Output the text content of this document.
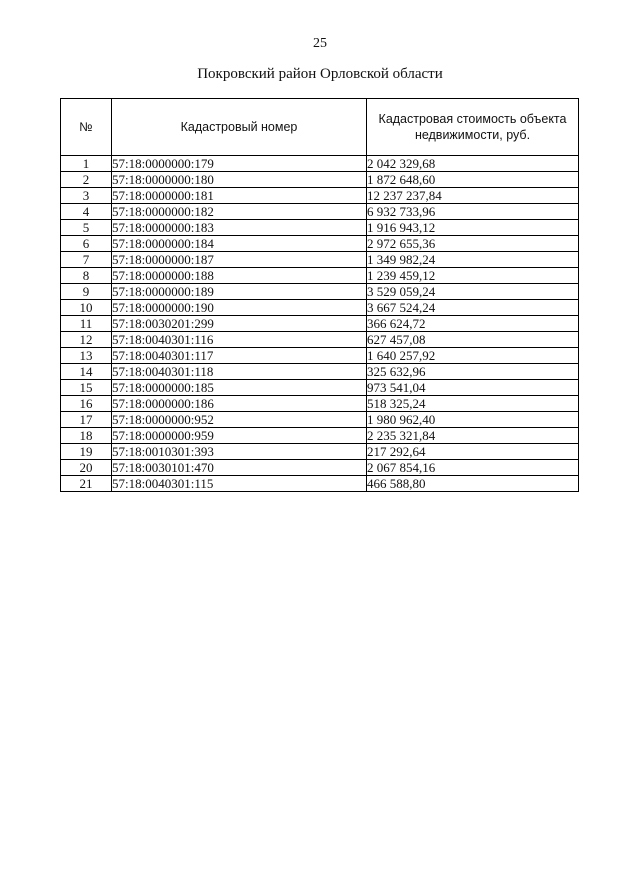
25
Покровский район Орловской области
№	Кадастровый номер	Кадастровая стоимость объекта недвижимости, руб.
1	57:18:0000000:179	2 042 329,68
2	57:18:0000000:180	1 872 648,60
3	57:18:0000000:181	12 237 237,84
4	57:18:0000000:182	6 932 733,96
5	57:18:0000000:183	1 916 943,12
6	57:18:0000000:184	2 972 655,36
7	57:18:0000000:187	1 349 982,24
8	57:18:0000000:188	1 239 459,12
9	57:18:0000000:189	3 529 059,24
10	57:18:0000000:190	3 667 524,24
11	57:18:0030201:299	366 624,72
12	57:18:0040301:116	627 457,08
13	57:18:0040301:117	1 640 257,92
14	57:18:0040301:118	325 632,96
15	57:18:0000000:185	973 541,04
16	57:18:0000000:186	518 325,24
17	57:18:0000000:952	1 980 962,40
18	57:18:0000000:959	2 235 321,84
19	57:18:0010301:393	217 292,64
20	57:18:0030101:470	2 067 854,16
21	57:18:0040301:115	466 588,80
